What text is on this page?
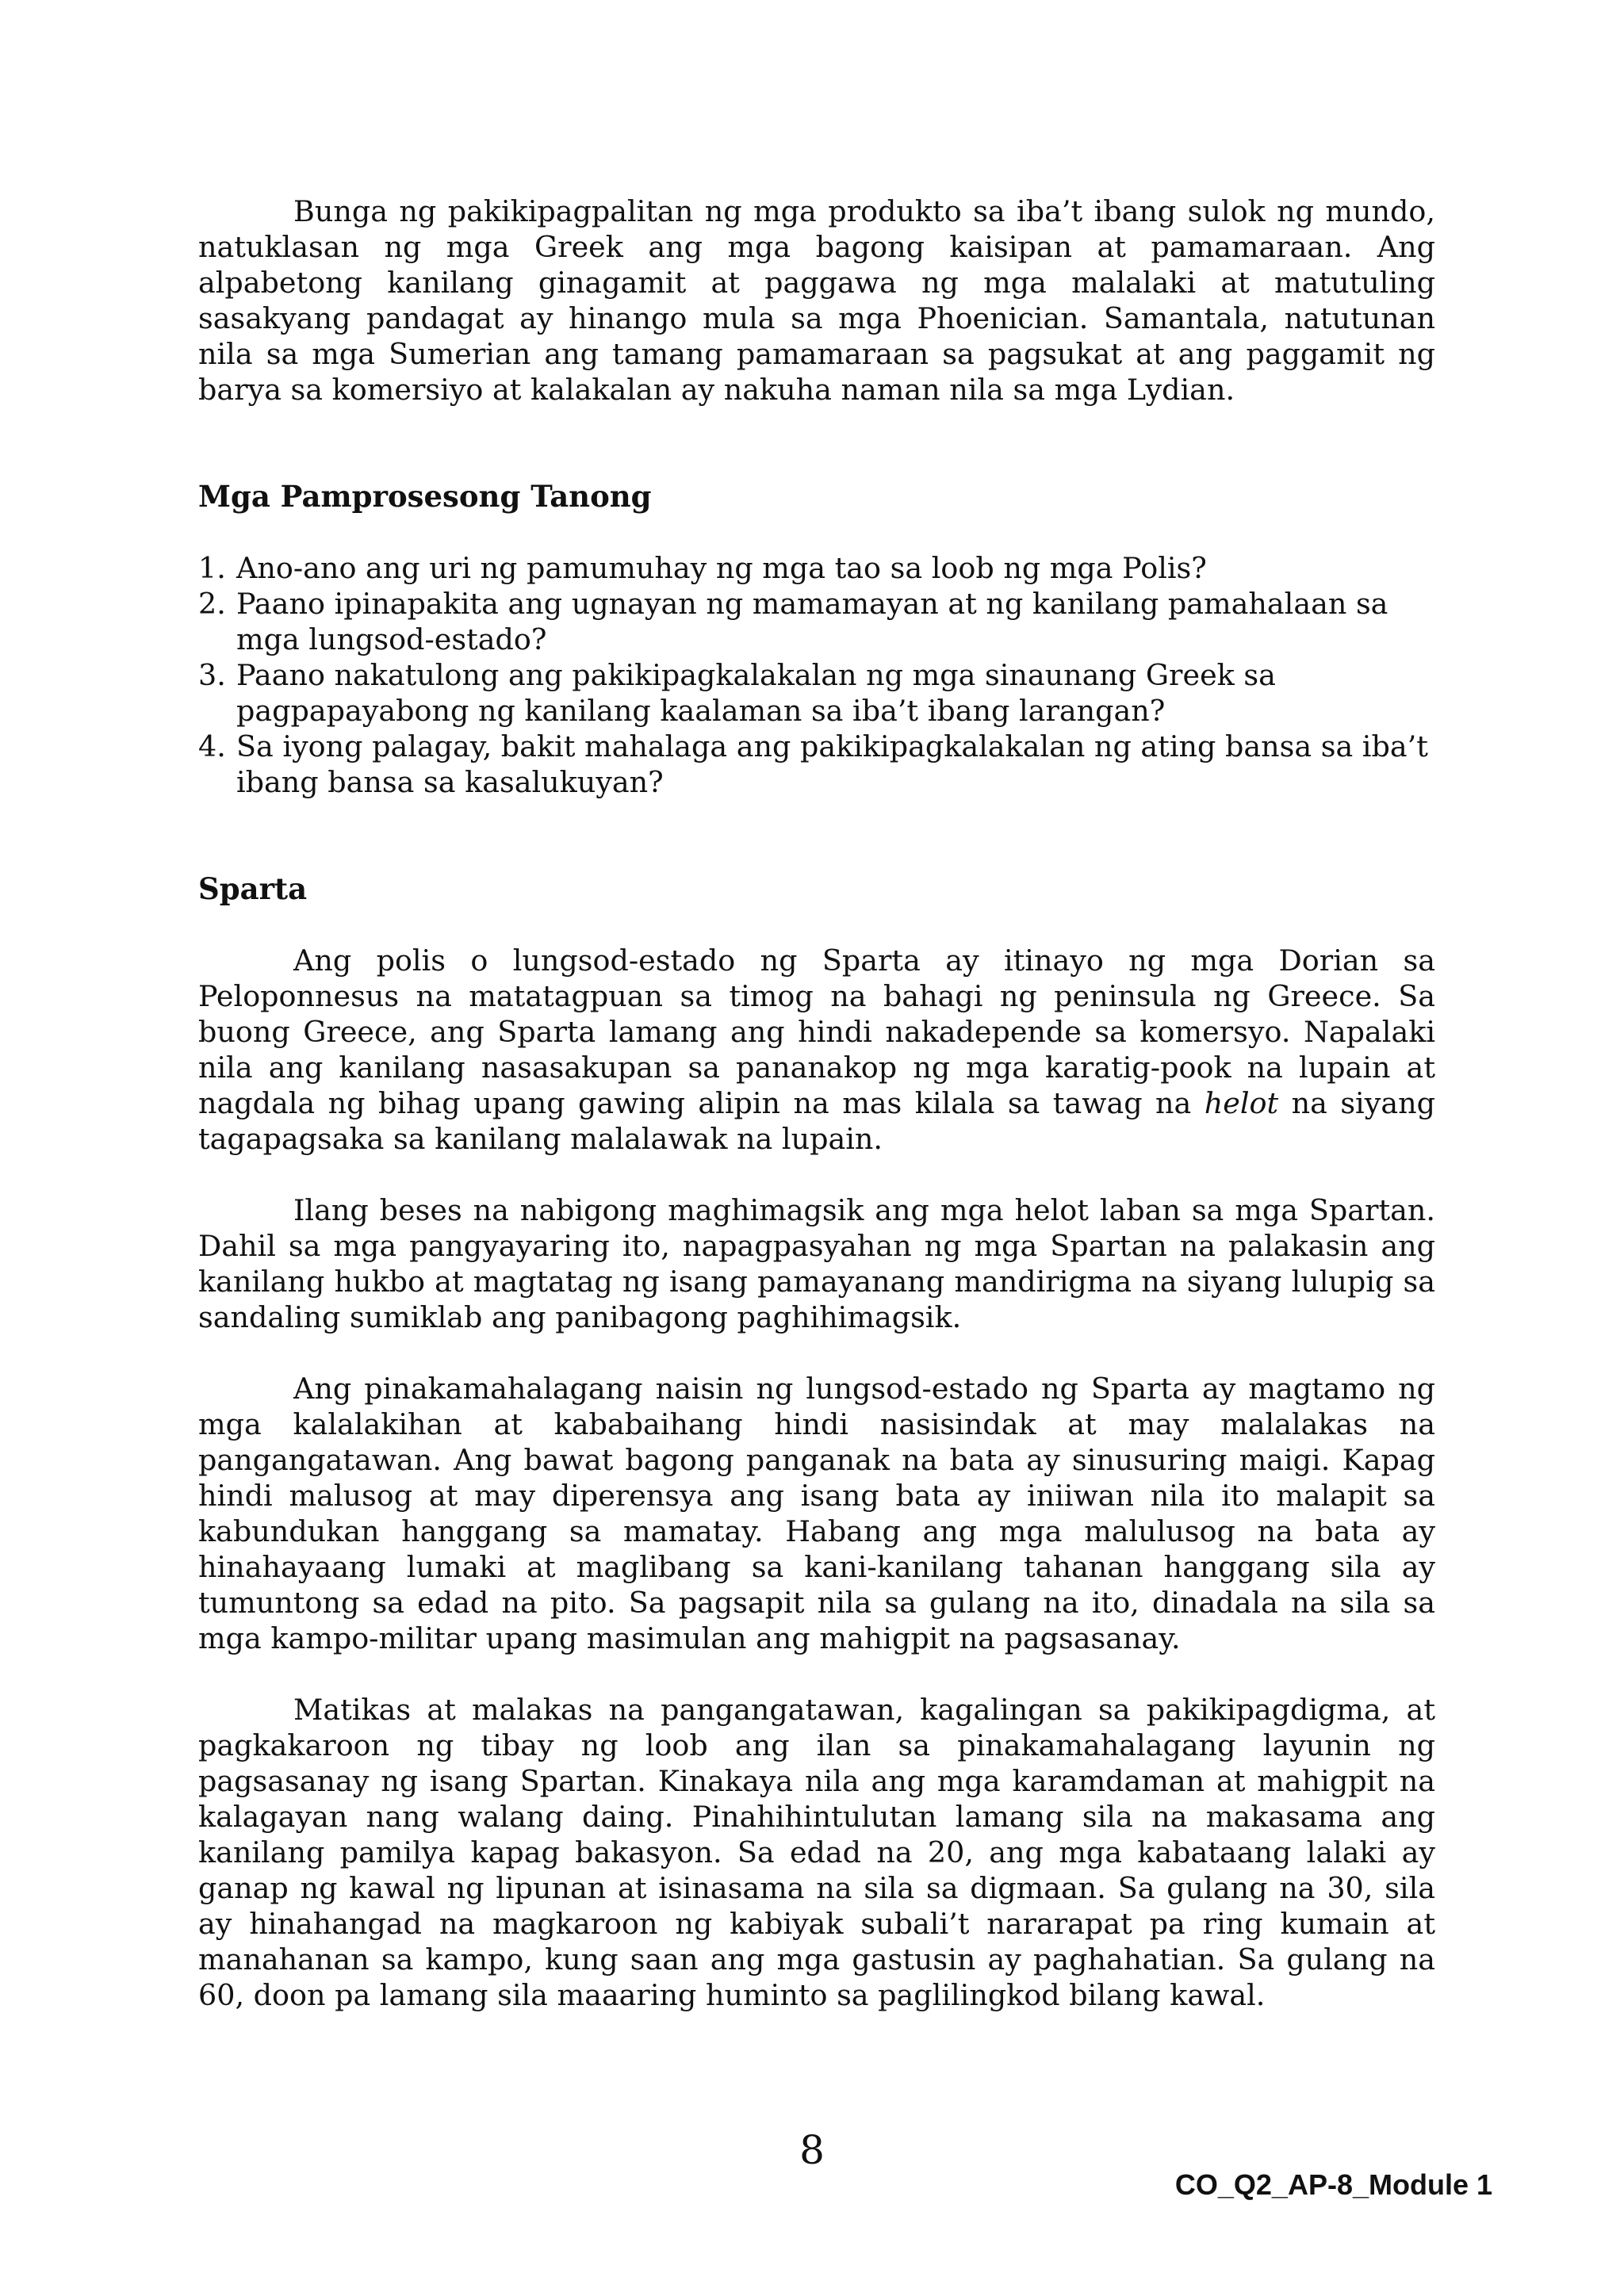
Bunga ng pakikipagpalitan ng mga produkto sa iba’t ibang sulok ng mundo, natuklasan ng mga Greek ang mga bagong kaisipan at pamamaraan. Ang alpabetong kanilang ginagamit at paggawa ng mga malalaki at matutuling sasakyang pandagat ay hinango mula sa mga Phoenician. Samantala, natutunan nila sa mga Sumerian ang tamang pamamaraan sa pagsukat at ang paggamit ng barya sa komersiyo at kalakalan ay nakuha naman nila sa mga Lydian.

Mga Pamprosesong Tanong
1. Ano-ano ang uri ng pamumuhay ng mga tao sa loob ng mga Polis?
2. Paano ipinapakita ang ugnayan ng mamamayan at ng kanilang pamahalaan sa mga lungsod-estado?
3. Paano nakatulong ang pakikipagkalakalan ng mga sinaunang Greek sa pagpapayabong ng kanilang kaalaman sa iba’t ibang larangan?
4. Sa iyong palagay, bakit mahalaga ang pakikipagkalakalan ng ating bansa sa iba’t ibang bansa sa kasalukuyan?
Sparta

Ang polis o lungsod-estado ng Sparta ay itinayo ng mga Dorian sa Peloponnesus na matatagpuan sa timog na bahagi ng peninsula ng Greece. Sa buong Greece, ang Sparta lamang ang hindi nakadepende sa komersyo. Napalaki nila ang kanilang nasasakupan sa pananakop ng mga karatig-pook na lupain at nagdala ng bihag upang gawing alipin na mas kilala sa tawag na helot na siyang tagapagsaka sa kanilang malalawak na lupain.

Ilang beses na nabigong maghimagsik ang mga helot laban sa mga Spartan. Dahil sa mga pangyayaring ito, napagpasyahan ng mga Spartan na palakasin ang kanilang hukbo at magtatag ng isang pamayanang mandirigma na siyang lulupig sa sandaling sumiklab ang panibagong paghihimagsik.

Ang pinakamahalagang naisin ng lungsod-estado ng Sparta ay magtamo ng mga kalalakihan at kababaihang hindi nasisindak at may malalakas na pangangatawan. Ang bawat bagong panganak na bata ay sinusuring maigi. Kapag hindi malusog at may diperensya ang isang bata ay iniiwan nila ito malapit sa kabundukan hanggang sa mamatay. Habang ang mga malulusog na bata ay hinahayaang lumaki at maglibang sa kani-kanilang tahanan hanggang sila ay tumuntong sa edad na pito. Sa pagsapit nila sa gulang na ito, dinadala na sila sa mga kampo-militar upang masimulan ang mahigpit na pagsasanay.

Matikas at malakas na pangangatawan, kagalingan sa pakikipagdigma, at pagkakaroon ng tibay ng loob ang ilan sa pinakamahalagang layunin ng pagsasanay ng isang Spartan. Kinakaya nila ang mga karamdaman at mahigpit na kalagayan nang walang daing. Pinahihintulutan lamang sila na makasama ang kanilang pamilya kapag bakasyon. Sa edad na 20, ang mga kabataang lalaki ay ganap ng kawal ng lipunan at isinasama na sila sa digmaan. Sa gulang na 30, sila ay hinahangad na magkaroon ng kabiyak subali’t nararapat pa ring kumain at manahanan sa kampo, kung saan ang mga gastusin ay paghahatian. Sa gulang na 60, doon pa lamang sila maaaring huminto sa paglilingkod bilang kawal.

8
CO_Q2_AP-8_Module 1
